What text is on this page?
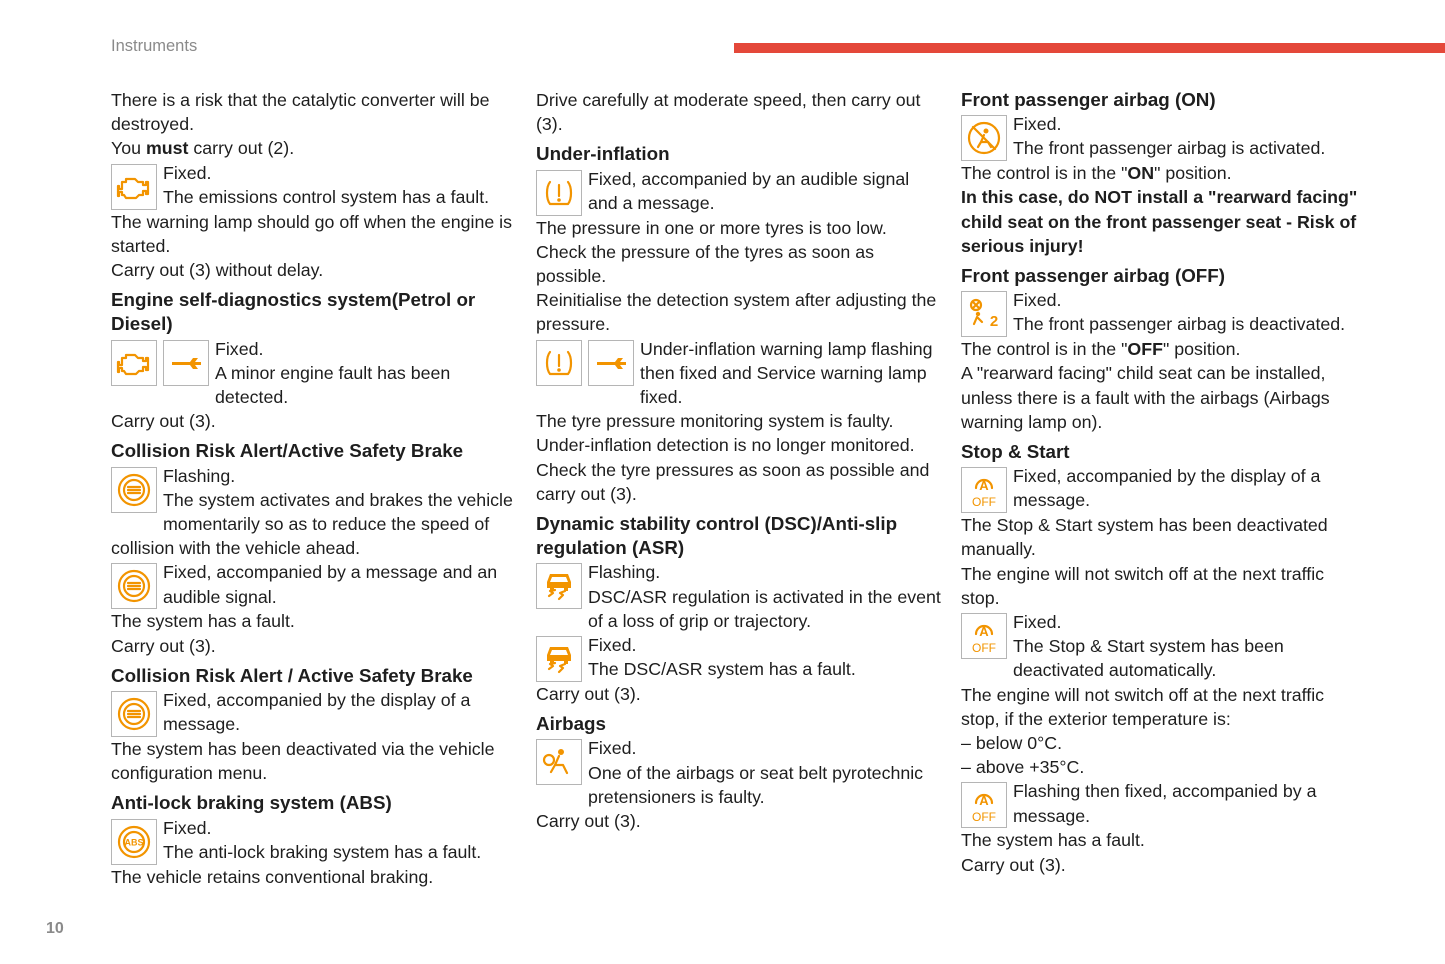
Instruments
10

There is a risk that the catalytic converter will be destroyed.

You must carry out (2).

Fixed.

The emissions control system has a fault.

The warning lamp should go off when the engine is started.

Carry out (3) without delay.

Engine self-diagnostics system(Petrol or Diesel)

Fixed.

A minor engine fault has been detected.

Carry out (3).

Collision Risk Alert/Active Safety Brake

Flashing.

The system activates and brakes the vehicle momentarily so as to reduce the speed of collision with the vehicle ahead.

Fixed, accompanied by a message and an audible signal.

The system has a fault.

Carry out (3).

Collision Risk Alert / Active Safety Brake

Fixed, accompanied by the display of a message.

The system has been deactivated via the vehicle configuration menu.

Anti-lock braking system (ABS)
ABS

Fixed.

The anti-lock braking system has a fault.

The vehicle retains conventional braking.

Drive carefully at moderate speed, then carry out (3).

Under-inflation

Fixed, accompanied by an audible signal and a message.

The pressure in one or more tyres is too low.

Check the pressure of the tyres as soon as possible.

Reinitialise the detection system after adjusting the pressure.

Under-inflation warning lamp flashing then fixed and Service warning lamp fixed.

The tyre pressure monitoring system is faulty.

Under-inflation detection is no longer monitored.

Check the tyre pressures as soon as possible and carry out (3).

Dynamic stability control (DSC)/Anti-slip regulation (ASR)

Flashing.

DSC/ASR regulation is activated in the event of a loss of grip or trajectory.

Fixed.

The DSC/ASR system has a fault.

Carry out (3).

Airbags

Fixed.

One of the airbags or seat belt pyrotechnic pretensioners is faulty.

Carry out (3).

Front passenger airbag (ON)

Fixed.

The front passenger airbag is activated.

The control is in the "ON" position.

In this case, do NOT install a "rearward facing" child seat on the front passenger seat - Risk of serious injury!

Front passenger airbag (OFF)
2

Fixed.

The front passenger airbag is deactivated.

The control is in the "OFF" position.

A "rearward facing" child seat can be installed, unless there is a fault with the airbags (Airbags warning lamp on).

Stop & Start
A
OFF

Fixed, accompanied by the display of a message.

The Stop & Start system has been deactivated manually.

The engine will not switch off at the next traffic stop.

A
OFF

Fixed.

The Stop & Start system has been deactivated automatically.

The engine will not switch off at the next traffic stop, if the exterior temperature is:

– below 0°C.

– above +35°C.

A
OFF

Flashing then fixed, accompanied by a message.

The system has a fault.

Carry out (3).
